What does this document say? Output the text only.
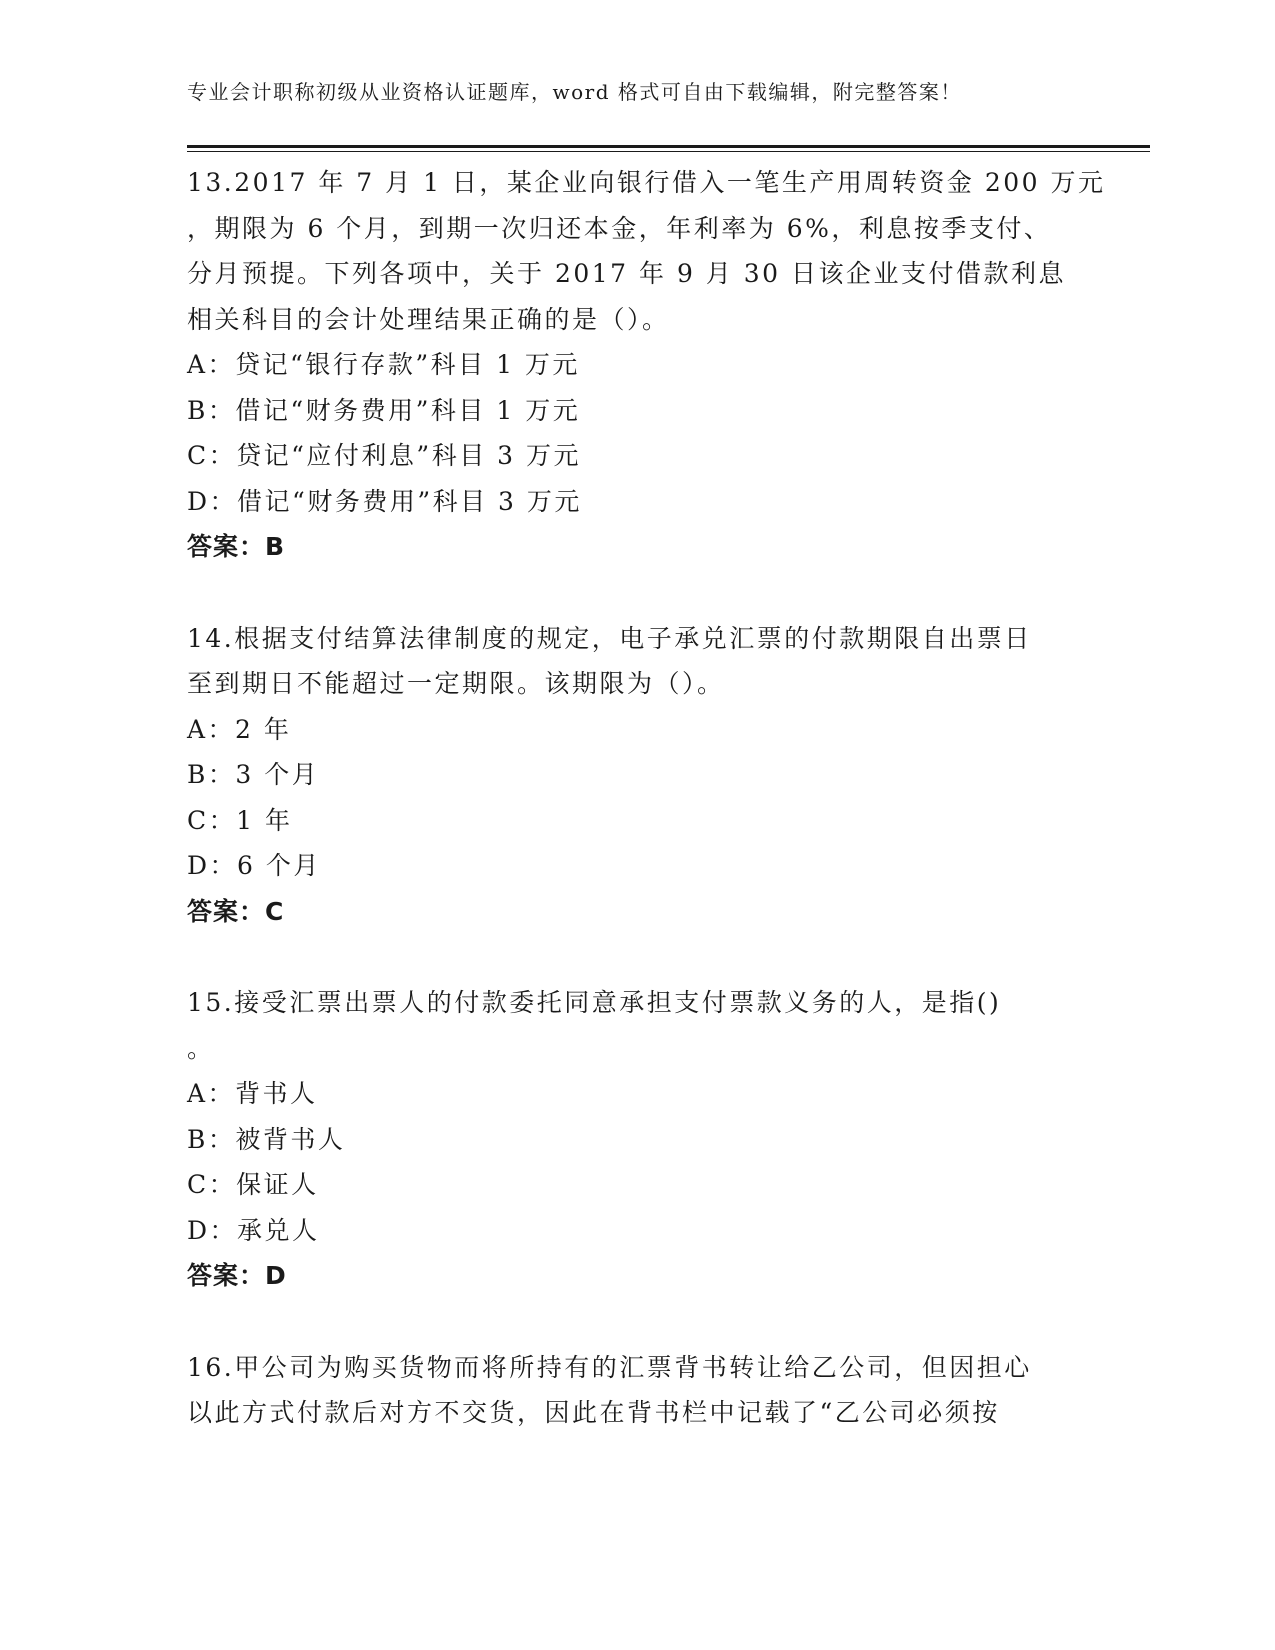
专业会计职称初级从业资格认证题库，word 格式可自由下载编辑，附完整答案！
13.2017 年 7 月 1 日，某企业向银行借入一笔生产用周转资金 200 万元
，期限为 6 个月，到期一次归还本金，年利率为 6%，利息按季支付、
分月预提。下列各项中，关于 2017 年 9 月 30 日该企业支付借款利息
相关科目的会计处理结果正确的是（）。
A：贷记“银行存款”科目 1 万元
B：借记“财务费用”科目 1 万元
C：贷记“应付利息”科目 3 万元
D：借记“财务费用”科目 3 万元
答案：B
14.根据支付结算法律制度的规定，电子承兑汇票的付款期限自出票日
至到期日不能超过一定期限。该期限为（）。
A：2 年
B：3 个月
C：1 年
D：6 个月
答案：C
15.接受汇票出票人的付款委托同意承担支付票款义务的人，是指()
。
A：背书人
B：被背书人
C：保证人
D：承兑人
答案：D
16.甲公司为购买货物而将所持有的汇票背书转让给乙公司，但因担心
以此方式付款后对方不交货，因此在背书栏中记载了“乙公司必须按
